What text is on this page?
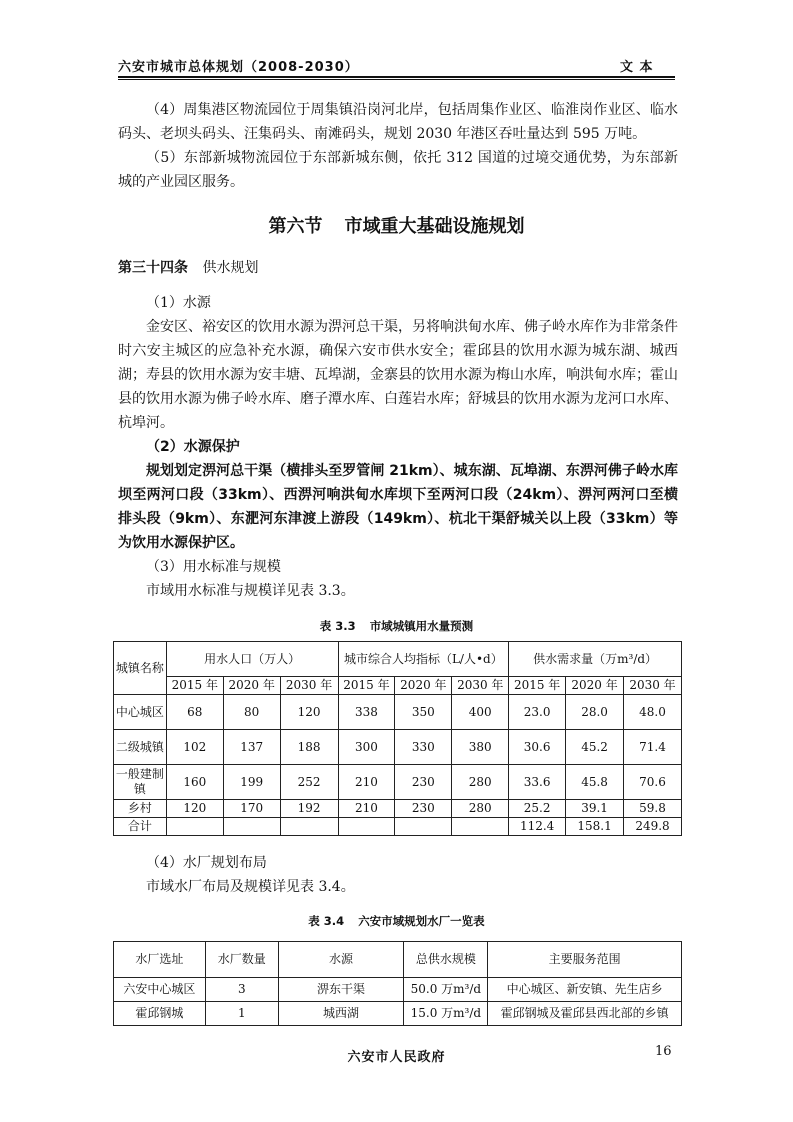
六安市城市总体规划（2008-2030）	文 本
（4）周集港区物流园位于周集镇沿岗河北岸，包括周集作业区、临淮岗作业区、临水码头、老坝头码头、汪集码头、南滩码头，规划 2030 年港区吞吐量达到 595 万吨。
（5）东部新城物流园位于东部新城东侧，依托 312 国道的过境交通优势，为东部新城的产业园区服务。
第六节 市域重大基础设施规划
第三十四条 供水规划
（1）水源
金安区、裕安区的饮用水源为淠河总干渠，另将响洪甸水库、佛子岭水库作为非常条件时六安主城区的应急补充水源，确保六安市供水安全；霍邱县的饮用水源为城东湖、城西湖；寿县的饮用水源为安丰塘、瓦埠湖，金寨县的饮用水源为梅山水库，响洪甸水库；霍山县的饮用水源为佛子岭水库、磨子潭水库、白莲岩水库；舒城县的饮用水源为龙河口水库、杭埠河。
（2）水源保护
规划划定淠河总干渠（横排头至罗管闸 21km）、城东湖、瓦埠湖、东淠河佛子岭水库坝至两河口段（33km）、西淠河响洪甸水库坝下至两河口段（24km）、淠河两河口至横排头段（9km）、东淝河东津渡上游段（149km）、杭北干渠舒城关以上段（33km）等为饮用水源保护区。
（3）用水标准与规模
市域用水标准与规模详见表 3.3。
表 3.3 市域城镇用水量预测
城镇名称	用水人口（万人）			城市综合人均指标（L/人•d）			供水需求量（万m³/d）		
	2015 年	2020 年	2030 年	2015 年	2020 年	2030 年	2015 年	2020 年	2030 年
中心城区	68	80	120	338	350	400	23.0	28.0	48.0
二级城镇	102	137	188	300	330	380	30.6	45.2	71.4
一般建制镇	160	199	252	210	230	280	33.6	45.8	70.6
乡村	120	170	192	210	230	280	25.2	39.1	59.8
合计							112.4	158.1	249.8
（4）水厂规划布局
市域水厂布局及规模详见表 3.4。
表 3.4 六安市域规划水厂一览表
水厂选址	水厂数量	水源	总供水规模	主要服务范围
六安中心城区	3	淠东干渠	50.0 万m³/d	中心城区、新安镇、先生店乡
霍邱钢城	1	城西湖	15.0 万m³/d	霍邱钢城及霍邱县西北部的乡镇
六安市人民政府	16
